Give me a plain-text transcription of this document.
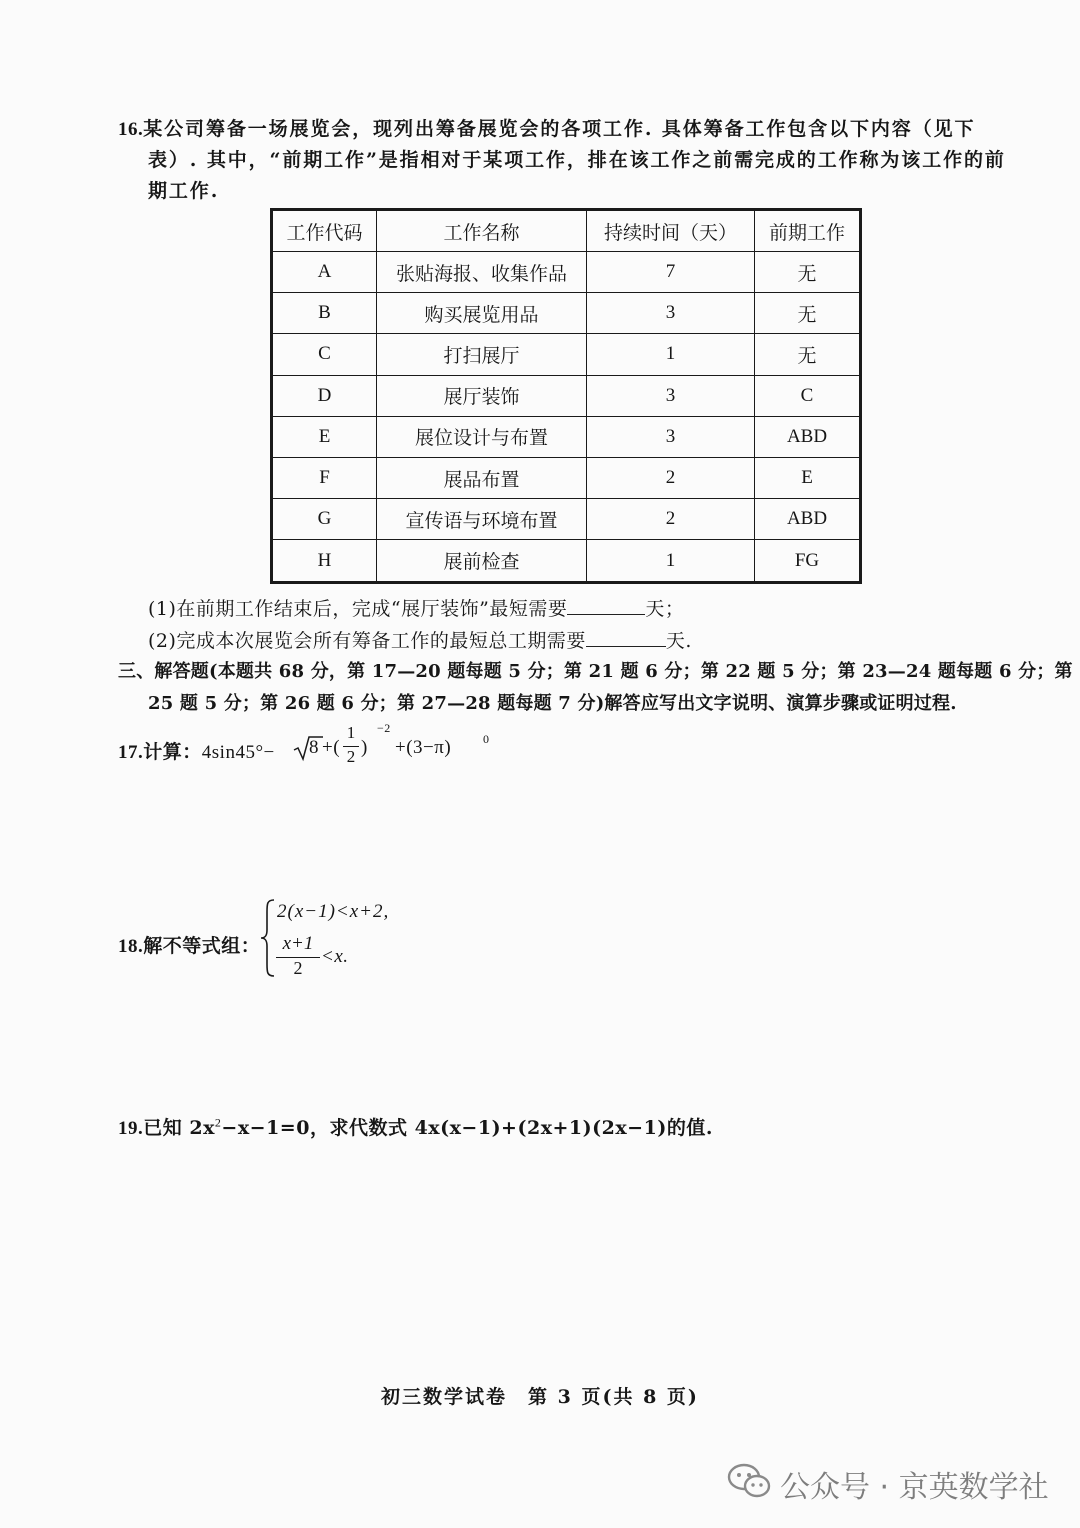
16.某公司筹备一场展览会，现列出筹备展览会的各项工作. 具体筹备工作包含以下内容（见下
表）. 其中，“前期工作”是指相对于某项工作，排在该工作之前需完成的工作称为该工作的前
期工作.
工作代码	工作名称	持续时间（天）	前期工作
A	张贴海报、收集作品	7	无
B	购买展览用品	3	无
C	打扫展厅	1	无
D	展厅装饰	3	C
E	展位设计与布置	3	ABD
F	展品布置	2	E
G	宣传语与环境布置	2	ABD
H	展前检查	1	FG
(1)在前期工作结束后，完成“展厅装饰”最短需要	天；
(2)完成本次展览会所有筹备工作的最短总工期需要	天.
三、解答题(本题共 68 分，第 17—20 题每题 5 分；第 21 题 6 分；第 22 题 5 分；第 23—24 题每题 6 分；第
25 题 5 分；第 26 题 6 分；第 27—28 题每题 7 分)解答应写出文字说明、演算步骤或证明过程.
17.计算：4sin45°− 8 +(
1
2 )
−2
+(3−π)	0
18.解不等式组：
2(x−1)<x+2,
x+1
2
<x.
19.已知 $2x^2-x-1=0$，求代数式 4x(x−1)+(2x+1)(2x−1)的值.
初三数学试卷　第 3 页(共 8 页)
公众号 · 京英数学社
